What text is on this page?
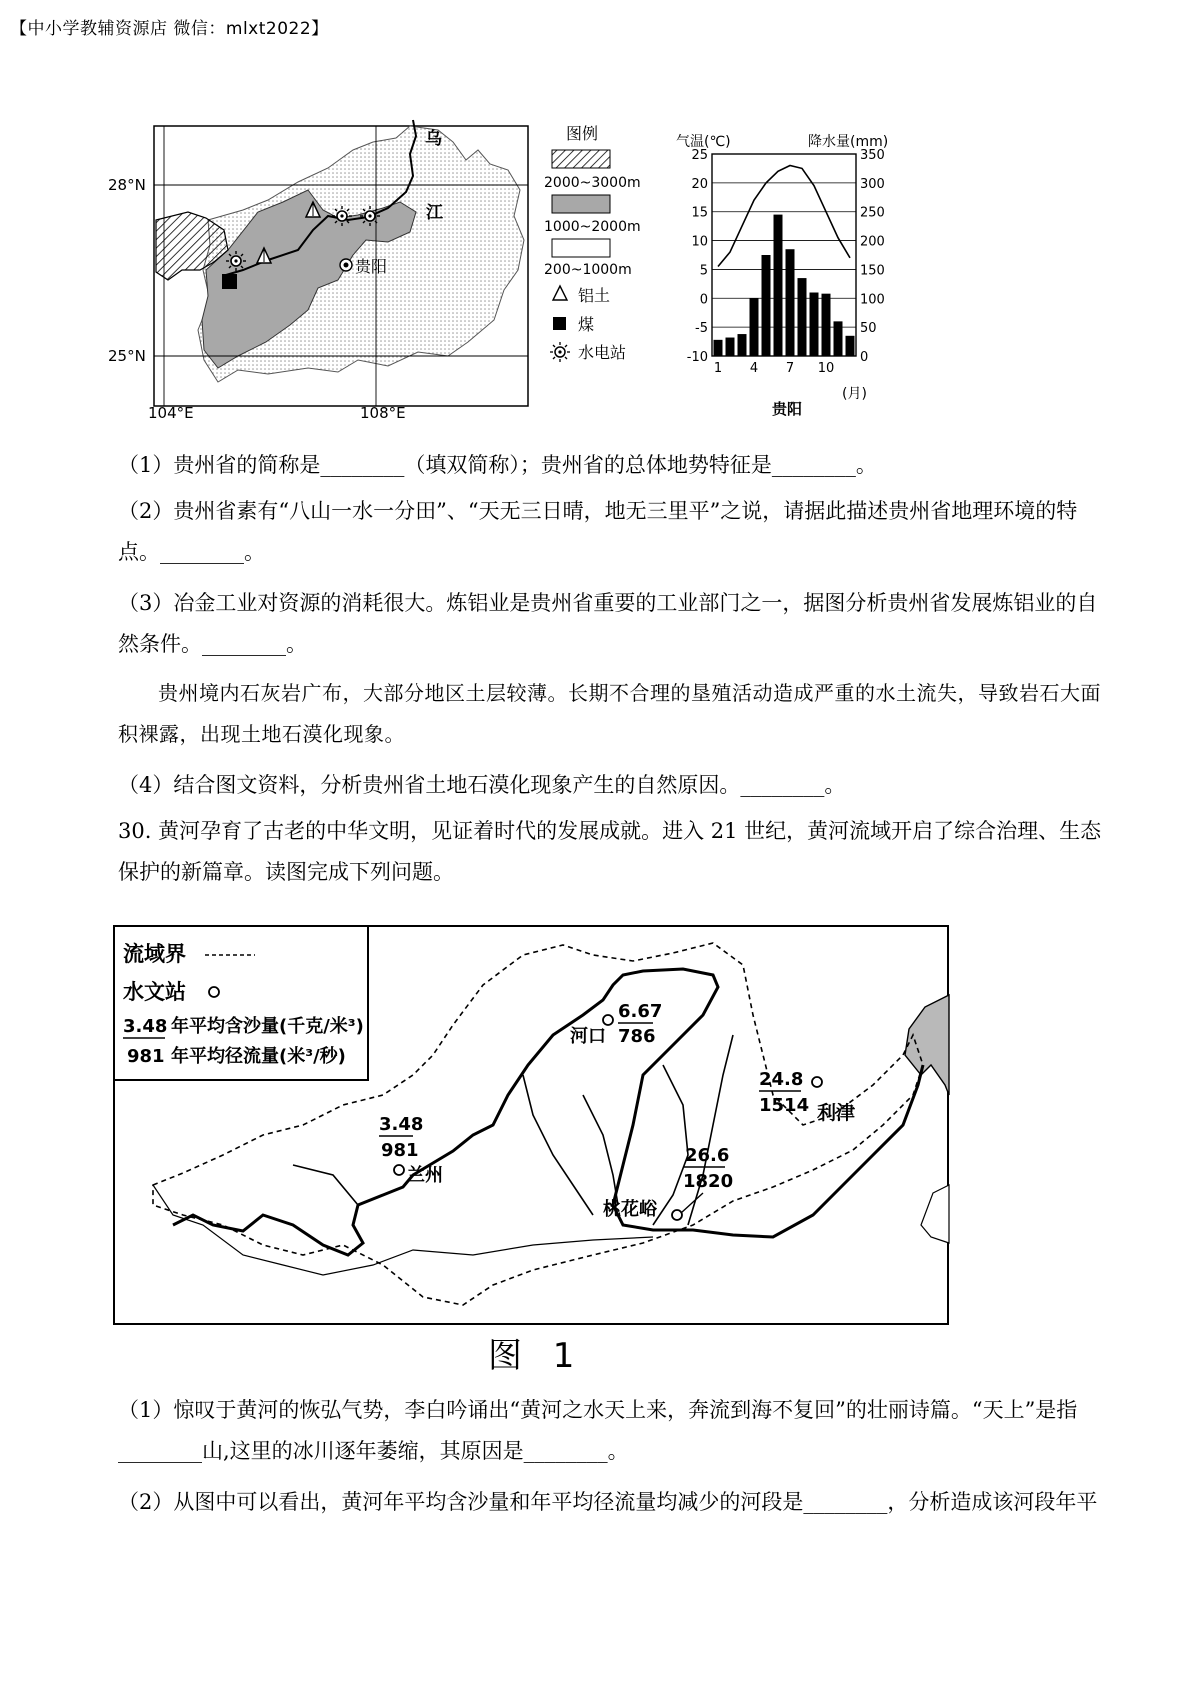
【中小学教辅资源店 微信：mlxt2022】
贵阳
乌
江
28°N
25°N
104°E	108°E
图例
2000~3000m
1000~2000m
200~1000m
铝土
煤
水电站
气温(℃)	降水量(mm)
25
20
15
10
5
0
-5
-10
350
300
250
200
150
100
50
0
1 4 7 10
贵阳
(月)

（1）贵州省的简称是________（填双简称）；贵州省的总体地势特征是________。

（2）贵州省素有“八山一水一分田”、“天无三日晴，地无三里平”之说，请据此描述贵州省地理环境的特点。________。

（3）冶金工业对资源的消耗很大。炼铝业是贵州省重要的工业部门之一，据图分析贵州省发展炼铝业的自然条件。________。

贵州境内石灰岩广布，大部分地区土层较薄。长期不合理的垦殖活动造成严重的水土流失，导致岩石大面积裸露，出现土地石漠化现象。

（4）结合图文资料，分析贵州省土地石漠化现象产生的自然原因。________。

30. 黄河孕育了古老的中华文明，见证着时代的发展成就。进入 21 世纪，黄河流域开启了综合治理、生态保护的新篇章。读图完成下列问题。

流域界
水文站
3.48 年平均含沙量(千克/米³)
981 年平均径流量(米³/秒)
3.48
981
兰州
6.67
786
河口
26.6
1820
桃花峪
24.8
1514 利津
图 1

（1）惊叹于黄河的恢弘气势，李白吟诵出“黄河之水天上来，奔流到海不复回”的壮丽诗篇。“天上”是指________山,这里的冰川逐年萎缩，其原因是________。

（2）从图中可以看出，黄河年平均含沙量和年平均径流量均减少的河段是________，分析造成该河段年平
